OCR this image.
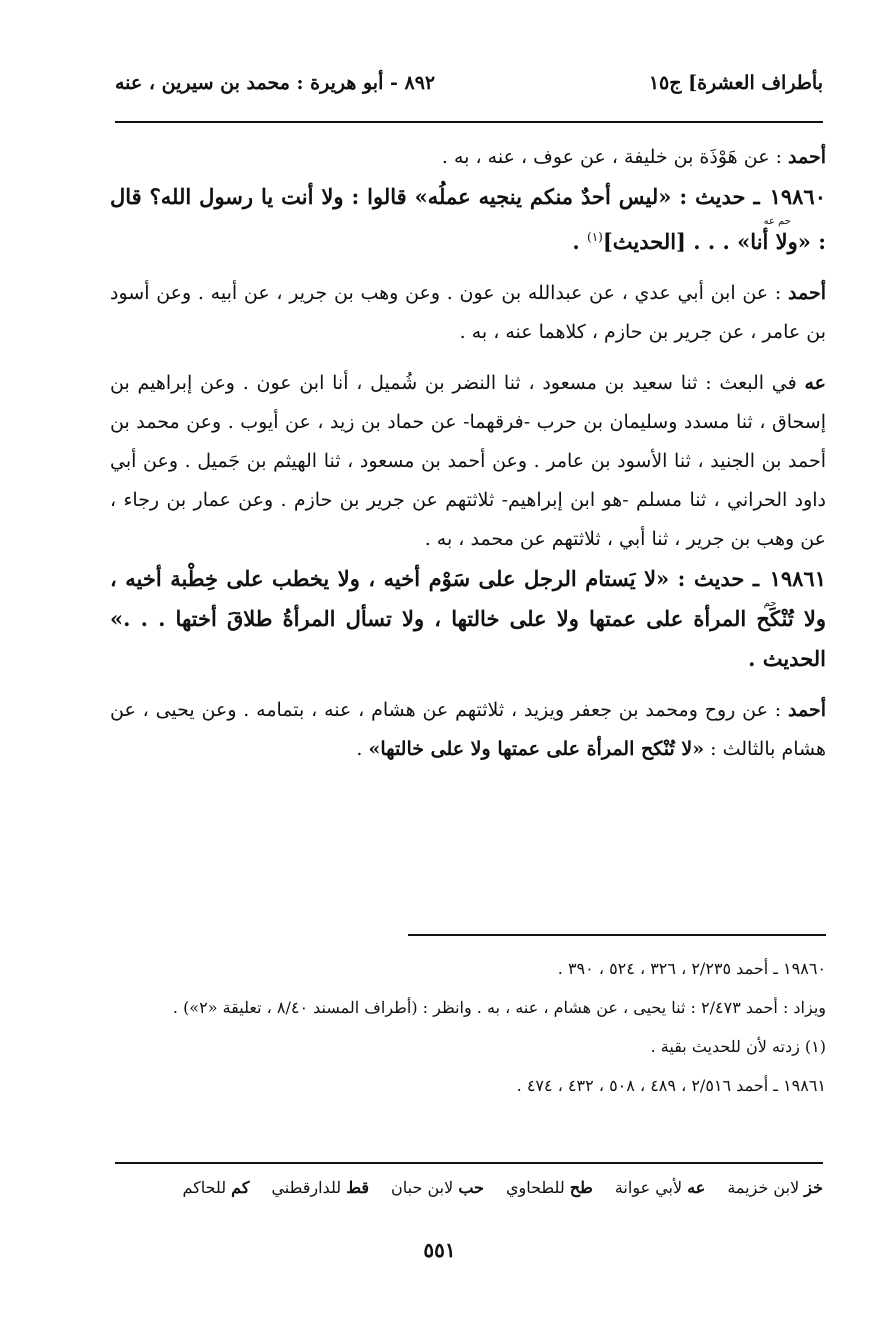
بأطراف العشرة] ج١٥
٨٩٢ - أبو هريرة : محمد بن سيرين ، عنه

أحمد : عن هَوْذَة بن خليفة ، عن عوف ، عنه ، به .

١٩٨٦٠
حم عه
ـ حديث : «ليس أحدٌ منكم ينجيه عملُه» قالوا : ولا أنت يا رسول الله؟ قال : «ولا أنا» . . . [الحديث]$^{(١)}$ .

أحمد : عن ابن أبي عدي ، عن عبدالله بن عون . وعن وهب بن جرير ، عن أبيه . وعن أسود بن عامر ، عن جرير بن حازم ، كلاهما عنه ، به .

عه في البعث : ثنا سعيد بن مسعود ، ثنا النضر بن شُميل ، أنا ابن عون . وعن إبراهيم بن إسحاق ، ثنا مسدد وسليمان بن حرب -فرقهما- عن حماد بن زيد ، عن أيوب . وعن محمد بن أحمد بن الجنيد ، ثنا الأسود بن عامر . وعن أحمد بن مسعود ، ثنا الهيثم بن جَميل . وعن أبي داود الحراني ، ثنا مسلم -هو ابن إبراهيم- ثلاثتهم عن جرير بن حازم . وعن عمار بن رجاء ، عن وهب بن جرير ، ثنا أبي ، ثلاثتهم عن محمد ، به .

١٩٨٦١
حم
ـ حديث : «لا يَستام الرجل على سَوْم أخيه ، ولا يخطب على خِطْبة أخيه ، ولا تُنْكَح المرأة على عمتها ولا على خالتها ، ولا تسأل المرأةُ طلاقَ أختها . . .» الحديث .

أحمد : عن روح ومحمد بن جعفر ويزيد ، ثلاثتهم عن هشام ، عنه ، بتمامه . وعن يحيى ، عن هشام بالثالث : «لا تُنْكح المرأة على عمتها ولا على خالتها» .

١٩٨٦٠ ـ أحمد ٢/٢٣٥ ، ٣٢٦ ، ٥٢٤ ، ٣٩٠ .

ويزاد : أحمد ٢/٤٧٣ : ثنا يحيى ، عن هشام ، عنه ، به . وانظر : (أطراف المسند ٨/٤٠ ، تعليقة «٢») .

(١) زدته لأن للحديث بقية .

١٩٨٦١ ـ أحمد ٢/٥١٦ ، ٤٨٩ ، ٥٠٨ ، ٤٣٢ ، ٤٧٤ .

خز لابن خزيمة
عه لأبي عوانة
طح للطحاوي
حب لابن حبان
قط للدارقطني
كم للحاكم
٥٥١
